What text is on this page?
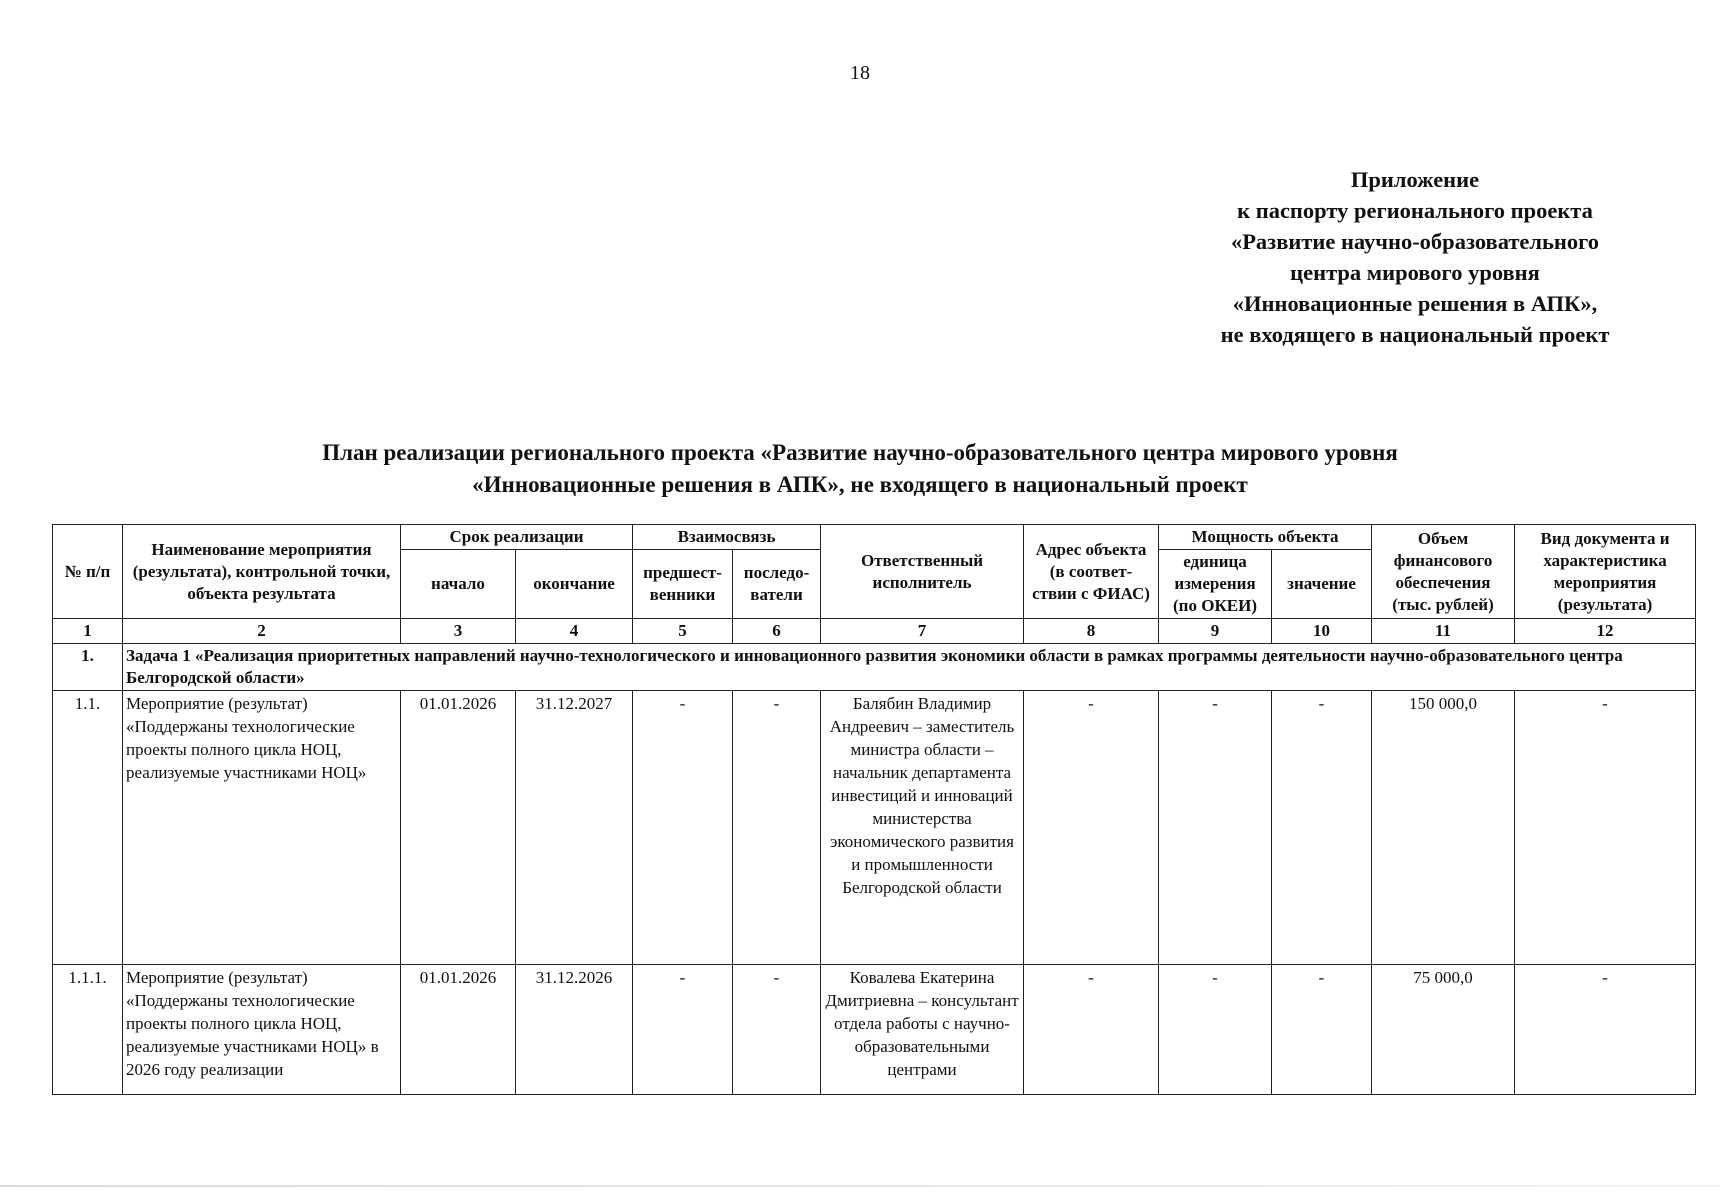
18
Приложение
к паспорту регионального проекта
«Развитие научно-образовательного
центра мирового уровня
«Инновационные решения в АПК»,
не входящего в национальный проект
План реализации регионального проекта «Развитие научно-образовательного центра мирового уровня
«Инновационные решения в АПК», не входящего в национальный проект
№ п/п	Наименование мероприятия (результата), контрольной точки, объекта результата	Срок реализации		Взаимосвязь		Ответственный исполнитель	Адрес объекта (в соответ- ствии с ФИАС)	Мощность объекта		Объем финансового обеспечения (тыс. рублей)	Вид документа и характеристика мероприятия (результата)
		начало	окончание	предшест- венники	последо- ватели			единица измерения (по ОКЕИ)	значение		
1	2	3	4	5	6	7	8	9	10	11	12
1.	Задача 1 «Реализация приоритетных направлений научно-технологического и инновационного развития экономики области в рамках программы деятельности научно-образовательного центра Белгородской области»										
1.1.	Мероприятие (результат) «Поддержаны технологические проекты полного цикла НОЦ, реализуемые участниками НОЦ»	01.01.2026	31.12.2027	-	-	Балябин Владимир Андреевич – заместитель министра области – начальник департамента инвестиций и инноваций министерства экономического развития и промышленности Белгородской области	-	-	-	150 000,0	-
1.1.1.	Мероприятие (результат) «Поддержаны технологические проекты полного цикла НОЦ, реализуемые участниками НОЦ» в 2026 году реализации	01.01.2026	31.12.2026	-	-	Ковалева Екатерина Дмитриевна – консультант отдела работы с научно-образовательными центрами	-	-	-	75 000,0	-
